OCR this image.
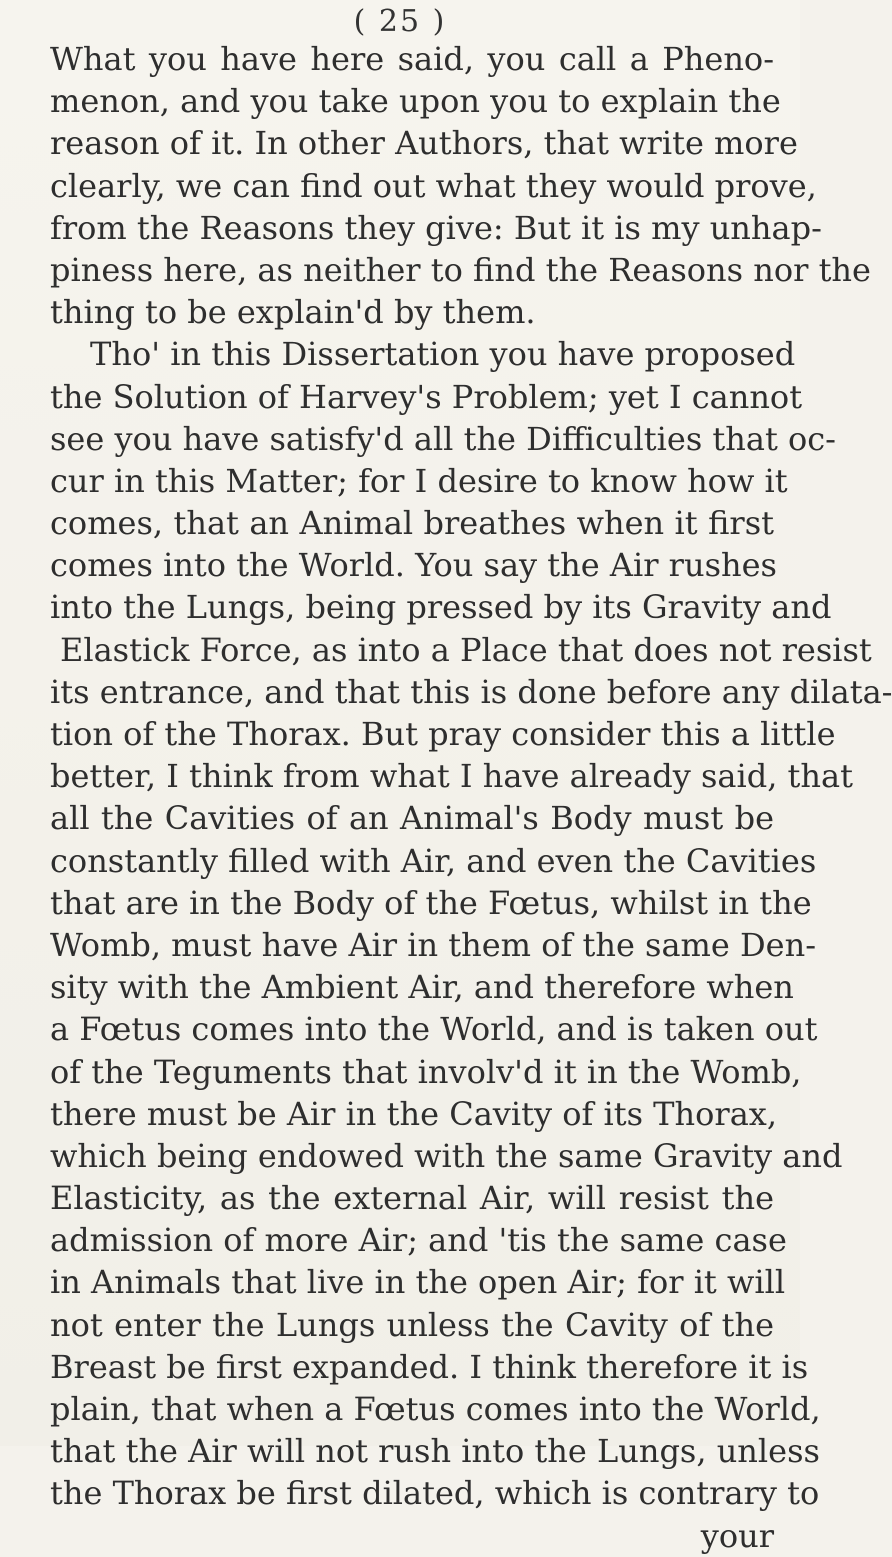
( 25 )
What you have here said, you call a Pheno-
menon, and you take upon you to explain the
reason of it. In other Authors, that write more
clearly, we can find out what they would prove,
from the Reasons they give: But it is my unhap-
piness here, as neither to find the Reasons nor the
thing to be explain'd by them.
Tho' in this Dissertation you have proposed
the Solution of Harvey's Problem; yet I cannot
see you have satisfy'd all the Difficulties that oc-
cur in this Matter; for I desire to know how it
comes, that an Animal breathes when it first
comes into the World. You say the Air rushes
into the Lungs, being pressed by its Gravity and
Elastick Force, as into a Place that does not resist
its entrance, and that this is done before any dilata-
tion of the Thorax. But pray consider this a little
better, I think from what I have already said, that
all the Cavities of an Animal's Body must be
constantly filled with Air, and even the Cavities
that are in the Body of the Fœtus, whilst in the
Womb, must have Air in them of the same Den-
sity with the Ambient Air, and therefore when
a Fœtus comes into the World, and is taken out
of the Teguments that involv'd it in the Womb,
there must be Air in the Cavity of its Thorax,
which being endowed with the same Gravity and
Elasticity, as the external Air, will resist the
admission of more Air; and 'tis the same case
in Animals that live in the open Air; for it will
not enter the Lungs unless the Cavity of the
Breast be first expanded. I think therefore it is
plain, that when a Fœtus comes into the World,
that the Air will not rush into the Lungs, unless
the Thorax be first dilated, which is contrary to
your
